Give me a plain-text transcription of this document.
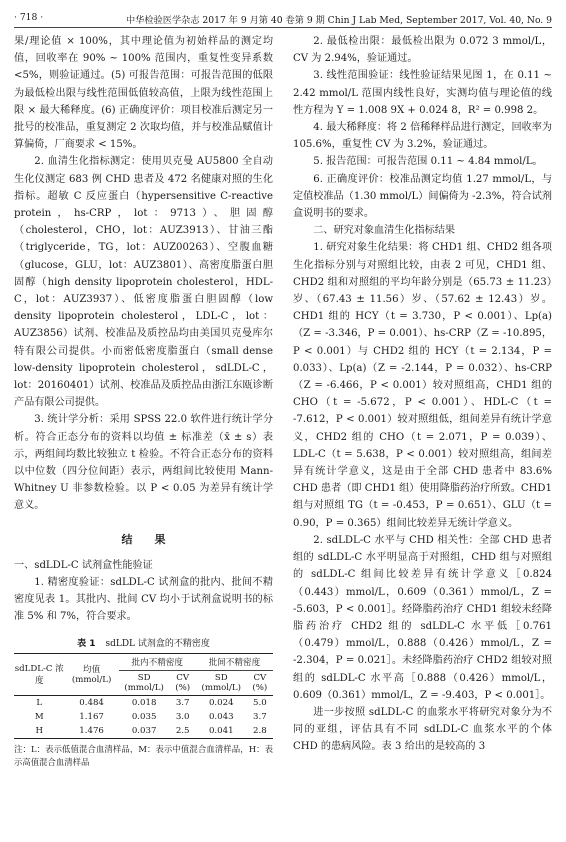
· 718 ·	中华检验医学杂志 2017 年 9 月第 40 卷第 9 期 Chin J Lab Med, September 2017, Vol. 40, No. 9

果/理论值 × 100%，其中理论值为初始样品的测定均值，回收率在 90% ~ 100% 范围内，重复性变异系数 <5%，则验证通过。(5) 可报告范围：可报告范围的低限为最低检出限与线性范围低值较高值，上限为线性范围上限 × 最大稀释度。(6) 正确度评价：项目校准后测定另一批号的校准品，重复测定 2 次取均值，并与校准品赋值计算偏倚，厂商要求 < 15%。

2. 血清生化指标测定：使用贝克曼 AU5800 全自动生化仪测定 683 例 CHD 患者及 472 名健康对照的生化指标。超敏 C 反应蛋白（hypersensitive C-reactive protein，hs-CRP，lot：9713）、胆固醇（cholesterol，CHO，lot：AUZ3913）、甘油三酯（triglyceride，TG，lot：AUZ00263）、空腹血糖（glucose，GLU，lot：AUZ3801）、高密度脂蛋白胆固醇（high density lipoprotein cholesterol，HDL-C，lot：AUZ3937）、低密度脂蛋白胆固醇（low density lipoprotein cholesterol，LDL-C，lot：AUZ3856）试剂、校准品及质控品均由美国贝克曼库尔特有限公司提供。小而密低密度脂蛋白（small dense low-density lipoprotein cholesterol，sdLDL-C，lot：20160401）试剂、校准品及质控品由浙江东瓯诊断产品有限公司提供。

3. 统计学分析：采用 SPSS 22.0 软件进行统计学分析。符合正态分布的资料以均值 ± 标准差（x̄ ± s）表示，两组间均数比较独立 t 检验。不符合正态分布的资料以中位数（四分位间距）表示，两组间比较使用 Mann-Whitney U 非参数检验。以 P < 0.05 为差异有统计学意义。

结果

一、sdLDL-C 试剂盒性能验证

1. 精密度验证：sdLDL-C 试剂盒的批内、批间不精密度见表 1。其批内、批间 CV 均小于试剂盒说明书的标准 5% 和 7%，符合要求。

表 1 sdLDL 试剂盒的不精密度
sdLDL-C 浓度	均值 (mmol/L)	批内不精密度		批间不精密度	
		SD (mmol/L)	CV (%)	SD (mmol/L)	CV (%)
L	0.484	0.018	3.7	0.024	5.0
M	1.167	0.035	3.0	0.043	3.7
H	1.476	0.037	2.5	0.041	2.8

注：L：表示低值混合血清样品，M：表示中值混合血清样品，H：表示高值混合血清样品

2. 最低检出限：最低检出限为 0.072 3 mmol/L，CV 为 2.94%，验证通过。

3. 线性范围验证：线性验证结果见图 1，在 0.11 ~ 2.42 mmol/L 范围内线性良好，实测均值与理论值的线性方程为 Y = 1.008 9X + 0.024 8，R² = 0.998 2。

4. 最大稀释度：将 2 倍稀释样品进行测定，回收率为 105.6%，重复性 CV 为 3.2%，验证通过。

5. 报告范围：可报告范围 0.11 ~ 4.84 mmol/L。

6. 正确度评价：校准品测定均值 1.27 mmol/L，与定值校准品（1.30 mmol/L）间偏倚为 -2.3%，符合试剂盒说明书的要求。

二、研究对象血清生化指标结果

1. 研究对象生化结果：将 CHD1 组、CHD2 组各项生化指标分别与对照组比较，由表 2 可见，CHD1 组、CHD2 组和对照组的平均年龄分别是（65.73 ± 11.23）岁、（67.43 ± 11.56）岁、（57.62 ± 12.43）岁。CHD1 组的 HCY（t = 3.730，P < 0.001）、Lp(a)（Z = -3.346，P = 0.001）、hs-CRP（Z = -10.895，P < 0.001）与 CHD2 组的 HCY（t = 2.134，P = 0.033）、Lp(a)（Z = -2.144，P = 0.032）、hs-CRP（Z = -6.466，P < 0.001）较对照组高，CHD1 组的 CHO（t = -5.672，P < 0.001）、HDL-C（t = -7.612，P < 0.001）较对照组低，组间差异有统计学意义，CHD2 组的 CHO（t = 2.071，P = 0.039）、LDL-C（t = 5.638，P < 0.001）较对照组高，组间差异有统计学意义，这是由于全部 CHD 患者中 83.6% CHD 患者（即 CHD1 组）使用降脂药治疗所致。CHD1 组与对照组 TG（t = -0.453，P = 0.651）、GLU（t = 0.90，P = 0.365）组间比较差异无统计学意义。

2. sdLDL-C 水平与 CHD 相关性：全部 CHD 患者组的 sdLDL-C 水平明显高于对照组，CHD 组与对照组的 sdLDL-C 组间比较差异有统计学意义［0.824（0.443）mmol/L，0.609（0.361）mmol/L，Z = -5.603，P < 0.001］。经降脂药治疗 CHD1 组较未经降脂药治疗 CHD2 组的 sdLDL-C 水平低［0.761（0.479）mmol/L，0.888（0.426）mmol/L，Z = -2.304，P = 0.021］。未经降脂药治疗 CHD2 组较对照组的 sdLDL-C 水平高［0.888（0.426）mmol/L，0.609（0.361）mmol/L，Z = -9.403，P < 0.001］。

进一步按照 sdLDL-C 的血浆水平将研究对象分为不同的亚组，评估具有不同 sdLDL-C 血浆水平的个体 CHD 的患病风险。表 3 给出的是较高的 3
